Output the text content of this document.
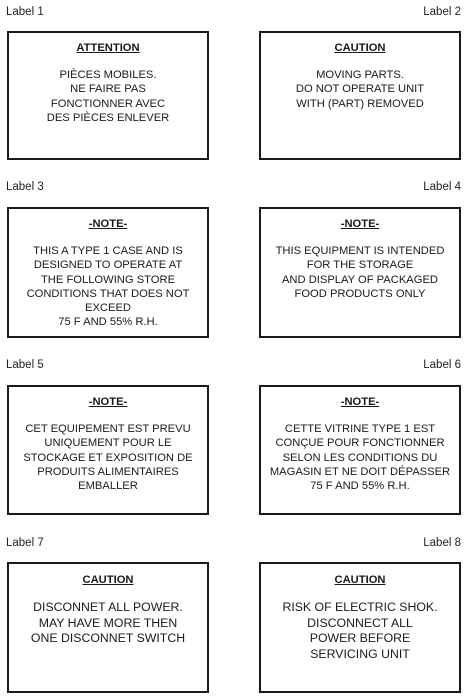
Label 1	Label 2
ATTENTION
PIÈCES MOBILES.
NE FAIRE PAS
FONCTIONNER AVEC
DES PIÈCES ENLEVER
CAUTION
MOVING PARTS.
DO NOT OPERATE UNIT
WITH (PART) REMOVED
Label 3	Label 4
-NOTE-
THIS A TYPE 1 CASE AND IS
DESIGNED TO OPERATE AT
THE FOLLOWING STORE
CONDITIONS THAT DOES NOT
EXCEED
75 F AND 55% R.H.
-NOTE-
THIS EQUIPMENT IS INTENDED
FOR THE STORAGE
AND DISPLAY OF PACKAGED
FOOD PRODUCTS ONLY
Label 5	Label 6
-NOTE-
CET EQUIPEMENT EST PREVU
UNIQUEMENT POUR LE
STOCKAGE ET EXPOSITION DE
PRODUITS ALIMENTAIRES
EMBALLER
-NOTE-
CETTE VITRINE TYPE 1 EST
CONÇUE POUR FONCTIONNER
SELON LES CONDITIONS DU
MAGASIN ET NE DOIT DÉPASSER
75 F AND 55% R.H.
Label 7	Label 8
CAUTION
DISCONNET ALL POWER.
MAY HAVE MORE THEN
ONE DISCONNET SWITCH
CAUTION
RISK OF ELECTRIC SHOK.
DISCONNECT ALL
POWER BEFORE
SERVICING UNIT
